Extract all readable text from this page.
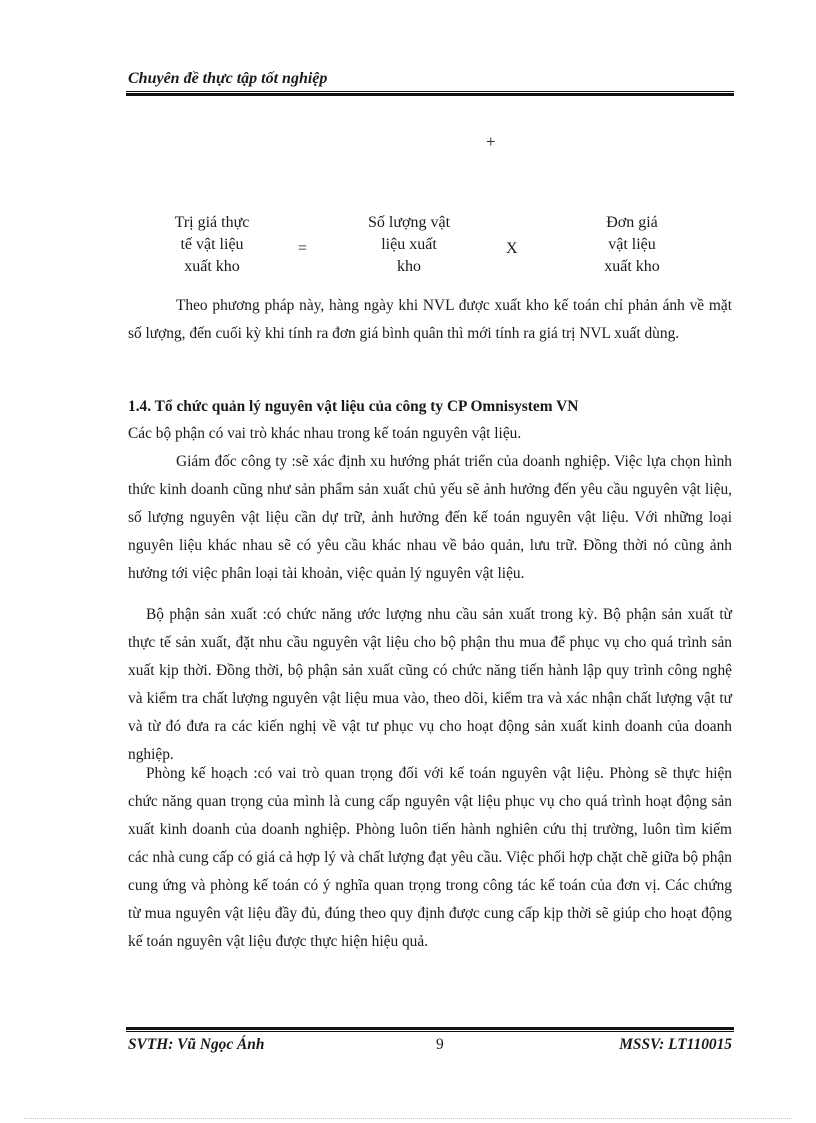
Chuyên đề thực tập tốt nghiệp
+
Trị giá thực
tế vật liệu
xuất kho
=
Số lượng vật
liệu xuất
kho
X
Đơn giá
vật liệu
xuất kho

Theo phương pháp này, hàng ngày khi NVL được xuất kho kế toán chỉ phản ánh về mặt số lượng, đến cuối kỳ khi tính ra đơn giá bình quân thì mới tính ra giá trị NVL xuất dùng.

1.4. Tổ chức quản lý nguyên vật liệu của công ty CP Omnisystem VN

Các bộ phận có vai trò khác nhau trong kế toán nguyên vật liệu.

Giám đốc công ty :sẽ xác định xu hướng phát triển của doanh nghiệp. Việc lựa chọn hình thức kinh doanh cũng như sản phẩm sản xuất chủ yếu sẽ ảnh hưởng đến yêu cầu nguyên vật liệu, số lượng nguyên vật liệu cần dự trữ, ảnh hưởng đến kế toán nguyên vật liệu. Với những loại nguyên liệu khác nhau sẽ có yêu cầu khác nhau về bảo quản, lưu trữ. Đồng thời nó cũng ảnh hưởng tới việc phân loại tài khoản, việc quản lý nguyên vật liệu.

Bộ phận sản xuất :có chức năng ước lượng nhu cầu sản xuất trong kỳ. Bộ phận sản xuất từ thực tế sản xuất, đặt nhu cầu nguyên vật liệu cho bộ phận thu mua để phục vụ cho quá trình sản xuất kịp thời. Đồng thời, bộ phận sản xuất cũng có chức năng tiến hành lập quy trình công nghệ và kiểm tra chất lượng nguyên vật liệu mua vào, theo dõi, kiểm tra và xác nhận chất lượng vật tư và từ đó đưa ra các kiến nghị về vật tư phục vụ cho hoạt động sản xuất kinh doanh của doanh nghiệp.

Phòng kế hoạch :có vai trò quan trọng đối với kế toán nguyên vật liệu. Phòng sẽ thực hiện chức năng quan trọng của mình là cung cấp nguyên vật liệu phục vụ cho quá trình hoạt động sản xuất kinh doanh của doanh nghiệp. Phòng luôn tiến hành nghiên cứu thị trường, luôn tìm kiếm các nhà cung cấp có giá cả hợp lý và chất lượng đạt yêu cầu. Việc phối hợp chặt chẽ giữa bộ phận cung ứng và phòng kế toán có ý nghĩa quan trọng trong công tác kế toán của đơn vị. Các chứng từ mua nguyên vật liệu đầy đủ, đúng theo quy định được cung cấp kịp thời sẽ giúp cho hoạt động kế toán nguyên vật liệu được thực hiện hiệu quả.

SVTH: Vũ Ngọc Ánh	9	MSSV: LT110015
